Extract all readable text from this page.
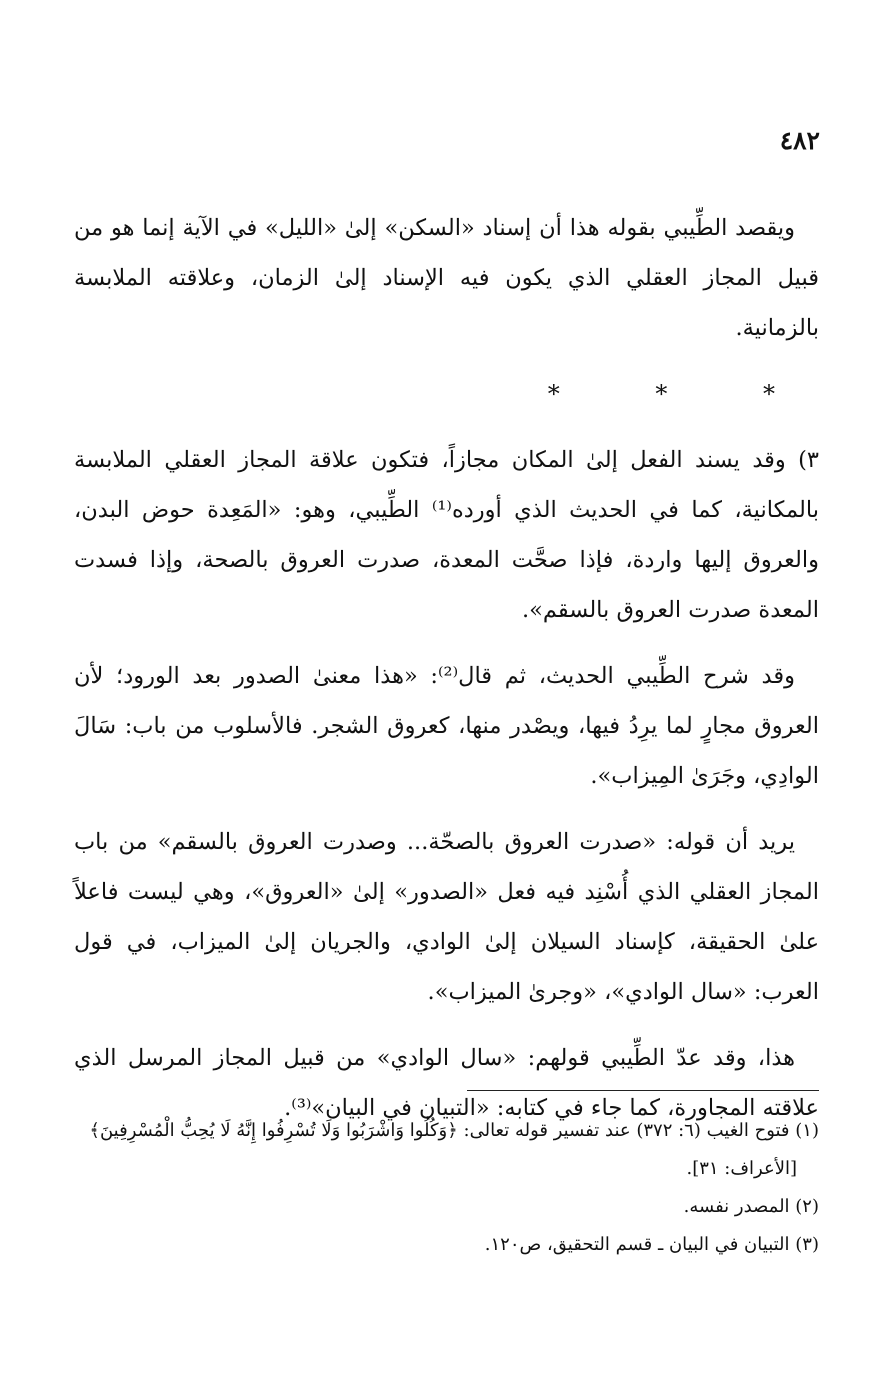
٤٨٢

ويقصد الطِّيبي بقوله هذا أن إسناد «السكن» إلىٰ «الليل» في الآية إنما هو من قبيل المجاز العقلي الذي يكون فيه الإسناد إلىٰ الزمان، وعلاقته الملابسة بالزمانية.

* * *

٣) وقد يسند الفعل إلىٰ المكان مجازاً، فتكون علاقة المجاز العقلي الملابسة بالمكانية، كما في الحديث الذي أورده⁽¹⁾ الطِّيبي، وهو: «المَعِدة حوض البدن، والعروق إليها واردة، فإذا صحَّت المعدة، صدرت العروق بالصحة، وإذا فسدت المعدة صدرت العروق بالسقم».

وقد شرح الطِّيبي الحديث، ثم قال⁽²⁾: «هذا معنىٰ الصدور بعد الورود؛ لأن العروق مجارٍ لما يرِدُ فيها، ويصْدر منها، كعروق الشجر. فالأسلوب من باب: سَالَ الوادِي، وجَرَىٰ المِيزاب».

يريد أن قوله: «صدرت العروق بالصحّة... وصدرت العروق بالسقم» من باب المجاز العقلي الذي أُسْنِد فيه فعل «الصدور» إلىٰ «العروق»، وهي ليست فاعلاً علىٰ الحقيقة، كإسناد السيلان إلىٰ الوادي، والجريان إلىٰ الميزاب، في قول العرب: «سال الوادي»، «وجرىٰ الميزاب».

هذا، وقد عدّ الطِّيبي قولهم: «سال الوادي» من قبيل المجاز المرسل الذي علاقته المجاورة، كما جاء في كتابه: «التبيان في البيان»⁽³⁾.

(١) فتوح الغيب (٦: ٣٧٢) عند تفسير قوله تعالى: ﴿وَكُلُوا وَاشْرَبُوا وَلَا تُسْرِفُوا إِنَّهُ لَا يُحِبُّ الْمُسْرِفِينَ﴾

[الأعراف: ٣١].

(٢) المصدر نفسه.

(٣) التبيان في البيان ـ قسم التحقيق، ص١٢٠.
